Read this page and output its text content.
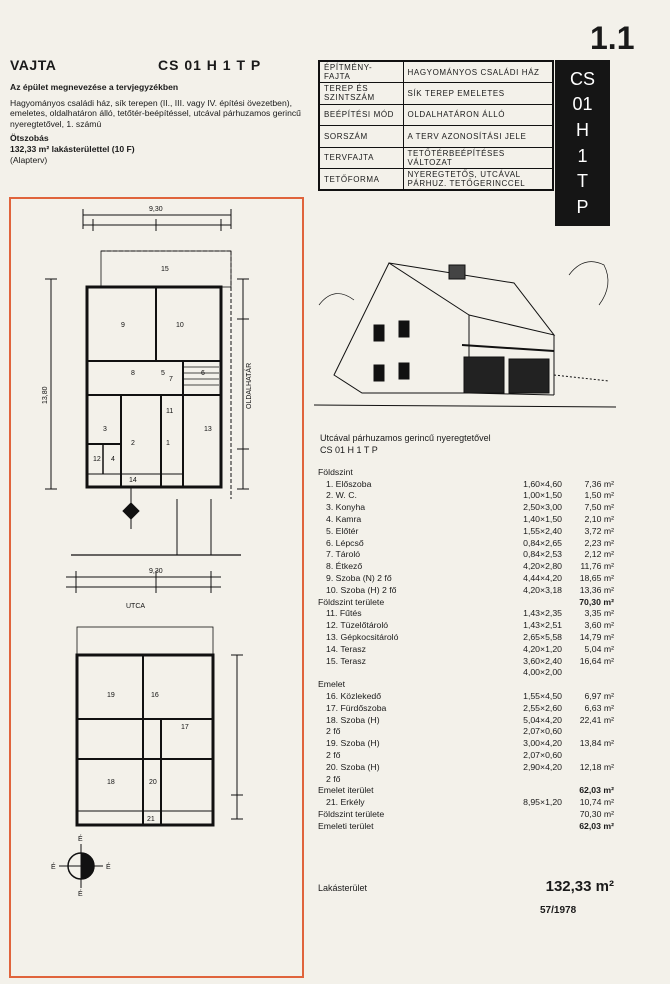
VAJTA	CS 01 H 1 T P
1.1
Az épület megnevezése a tervjegyzékben

Hagyományos családi ház, sík terepen (II., III. vagy IV. építési övezetben), emeletes, oldalhatáron álló, tetőtér-beépítéssel, utcával párhuzamos gerincű nyeregtetővel, 1. számú

Ötszobás
132,33 m² lakásterülettel (10 F)
(Alapterv)
ÉPÍTMÉNY-FAJTA	HAGYOMÁNYOS CSALÁDI HÁZ
TEREP ÉS SZINTSZÁM	SÍK TEREP EMELETES
BEÉPÍTÉSI MÓD	OLDALHATÁRON ÁLLÓ
SORSZÁM	A TERV AZONOSÍTÁSI JELE
TERVFAJTA	TETŐTÉRBEÉPÍTÉSES VÁLTOZAT
TETŐFORMA	NYEREGTETŐS, UTCÁVAL PÁRHUZ. TETŐGERINCCEL
CS
01
H
1
T
P
9,30
UTCA
9,30
OLDALHATÁR
13,80
15
9	10
8	5	6
7
11
13
3
2	1
12 4
14
19	16
17
18	20
21
É
É	É
É
Utcával párhuzamos gerincű nyeregtetővel
CS 01 H 1 T P
Földszint
1. Előszoba	1,60×4,60	7,36 m²
2. W. C.	1,00×1,50	1,50 m²
3. Konyha	2,50×3,00	7,50 m²
4. Kamra	1,40×1,50	2,10 m²
5. Előtér	1,55×2,40	3,72 m²
6. Lépcső	0,84×2,65	2,23 m²
7. Tároló	0,84×2,53	2,12 m²
8. Étkező	4,20×2,80	11,76 m²
9. Szoba (N) 2 fő	4,44×4,20	18,65 m²
10. Szoba (H) 2 fő	4,20×3,18	13,36 m²
Földszint területe	70,30 m²
11. Fűtés	1,43×2,35	3,35 m²
12. Tüzelőtároló	1,43×2,51	3,60 m²
13. Gépkocsitároló	2,65×5,58	14,79 m²
14. Terasz	4,20×1,20	5,04 m²
15. Terasz	3,60×2,40	16,64 m²
4,00×2,00
Emelet
16. Közlekedő	1,55×4,50	6,97 m²
17. Fürdőszoba	2,55×2,60	6,63 m²
18. Szoba (H)	5,04×4,20	22,41 m²
2 fő	2,07×0,60
19. Szoba (H)	3,00×4,20	13,84 m²
2 fő	2,07×0,60
20. Szoba (H)	2,90×4,20	12,18 m²
2 fő
Emelet iterület	62,03 m²
21. Erkély	8,95×1,20	10,74 m²
Földszint területe	70,30 m²
Emeleti terület	62,03 m²
Lakásterület	132,33 m²
57/1978
